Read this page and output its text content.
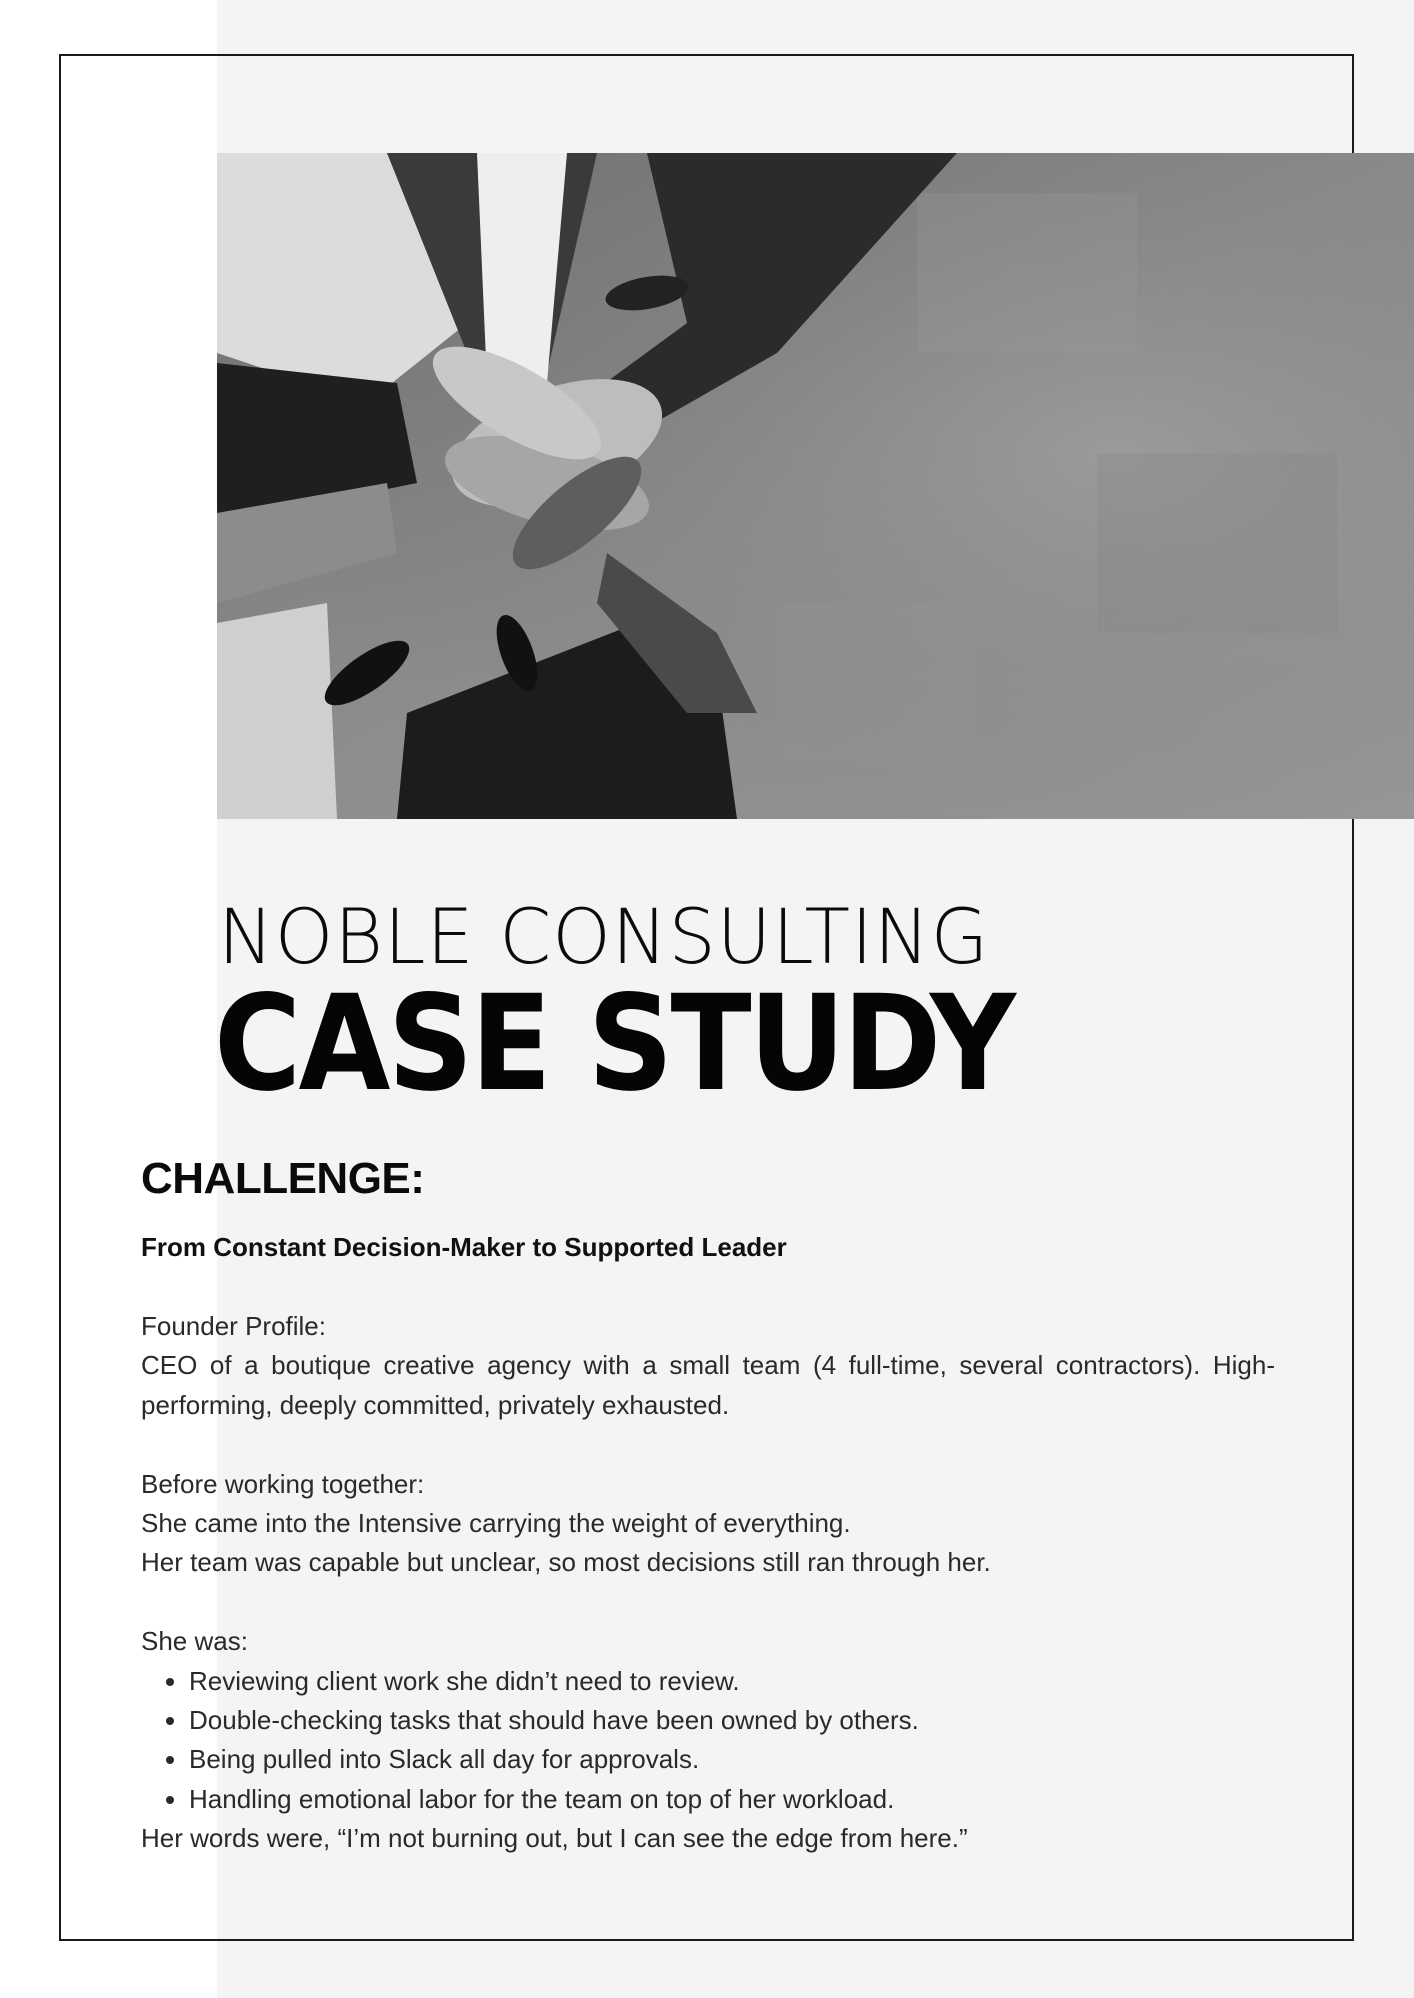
NOBLE CONSULTING
CASE STUDY
CHALLENGE:

From Constant Decision-Maker to Supported Leader

Founder Profile:

CEO of a boutique creative agency with a small team (4 full-time, several contractors). High-performing, deeply committed, privately exhausted.

Before working together:

She came into the Intensive carrying the weight of everything.

Her team was capable but unclear, so most decisions still ran through her.

She was:

• Reviewing client work she didn’t need to review.
• Double-checking tasks that should have been owned by others.
• Being pulled into Slack all day for approvals.
• Handling emotional labor for the team on top of her workload.

Her words were, “I’m not burning out, but I can see the edge from here.”
